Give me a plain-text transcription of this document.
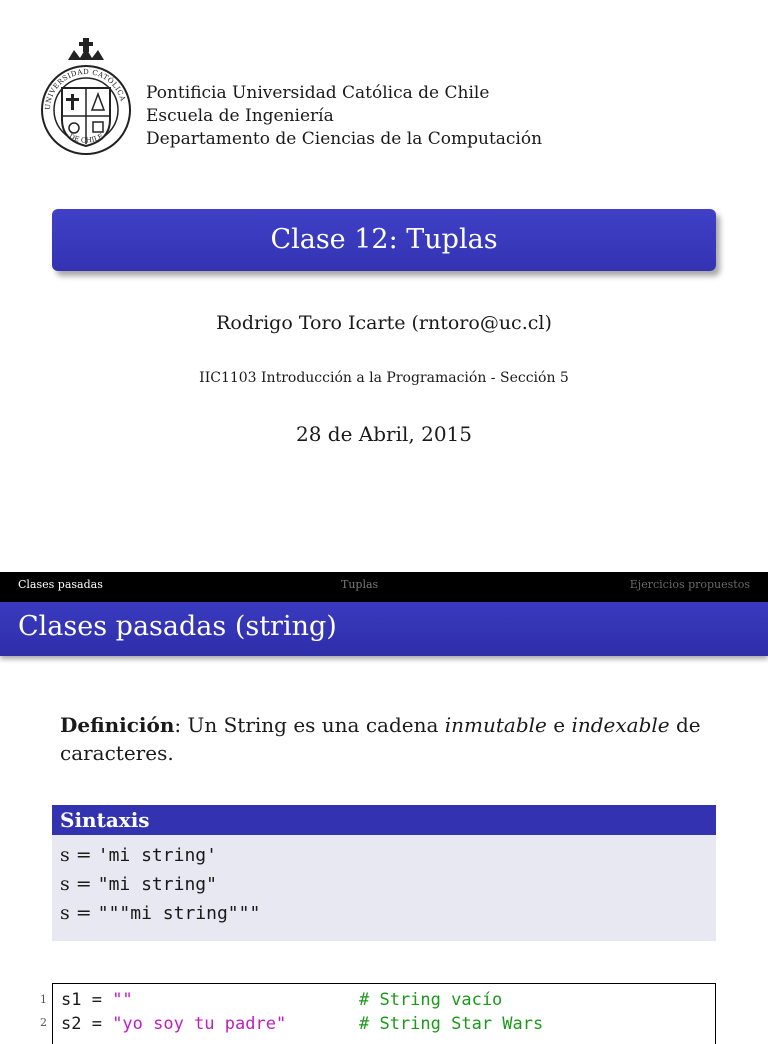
UNIVERSIDAD CATÓLICA
DE CHILE
Pontificia Universidad Católica de Chile
Escuela de Ingeniería
Departamento de Ciencias de la Computación
Clase 12: Tuplas
Rodrigo Toro Icarte (rntoro@uc.cl)
IIC1103 Introducción a la Programación - Sección 5
28 de Abril, 2015
Clases pasadas	Tuplas	Ejercicios propuestos
Clases pasadas (string)
Definición: Un String es una cadena inmutable e indexable de caracteres.
Sintaxis
s = 'mi string'
s = "mi string"
s = """mi string"""
1
2
s1 = ""	# String vacío
s2 = "yo soy tu padre"	# String Star Wars
